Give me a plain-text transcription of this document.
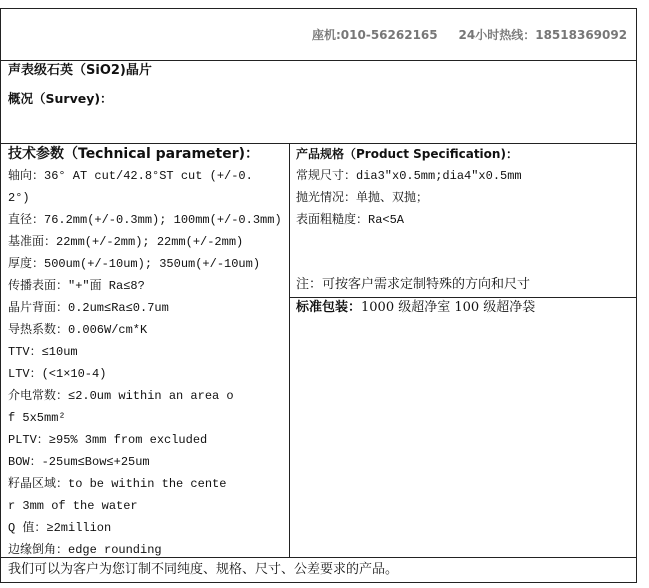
座机:010-56262165 24小时热线：18518369092
声表级石英（SiO2)晶片
概况（Survey)：
技术参数（Technical parameter)：
轴向：36° AT cut/42.8°ST cut (+/-0.
2°)
直径：76.2mm(+/-0.3mm); 100mm(+/-0.3mm)
基准面：22mm(+/-2mm); 22mm(+/-2mm)
厚度：500um(+/-10um); 350um(+/-10um)
传播表面："+"面 Ra≤8?
晶片背面：0.2um≤Ra≤0.7um
导热系数：0.006W/cm*K
TTV：≤10um
LTV：(<1×10-4)
介电常数：≤2.0um within an area o
f 5x5mm²
PLTV：≥95% 3mm from excluded
BOW：-25um≤Bow≤+25um
籽晶区域：to be within the cente
r 3mm of the water
Q 值：≥2million
边缘倒角：edge rounding
产品规格（Product Specification)：
常规尺寸：dia3"x0.5mm;dia4"x0.5mm
抛光情况：单抛、双抛；
表面粗糙度：Ra<5A
注：可按客户需求定制特殊的方向和尺寸
标准包装：1000 级超净室 100 级超净袋
我们可以为客户为您订制不同纯度、规格、尺寸、公差要求的产品。
